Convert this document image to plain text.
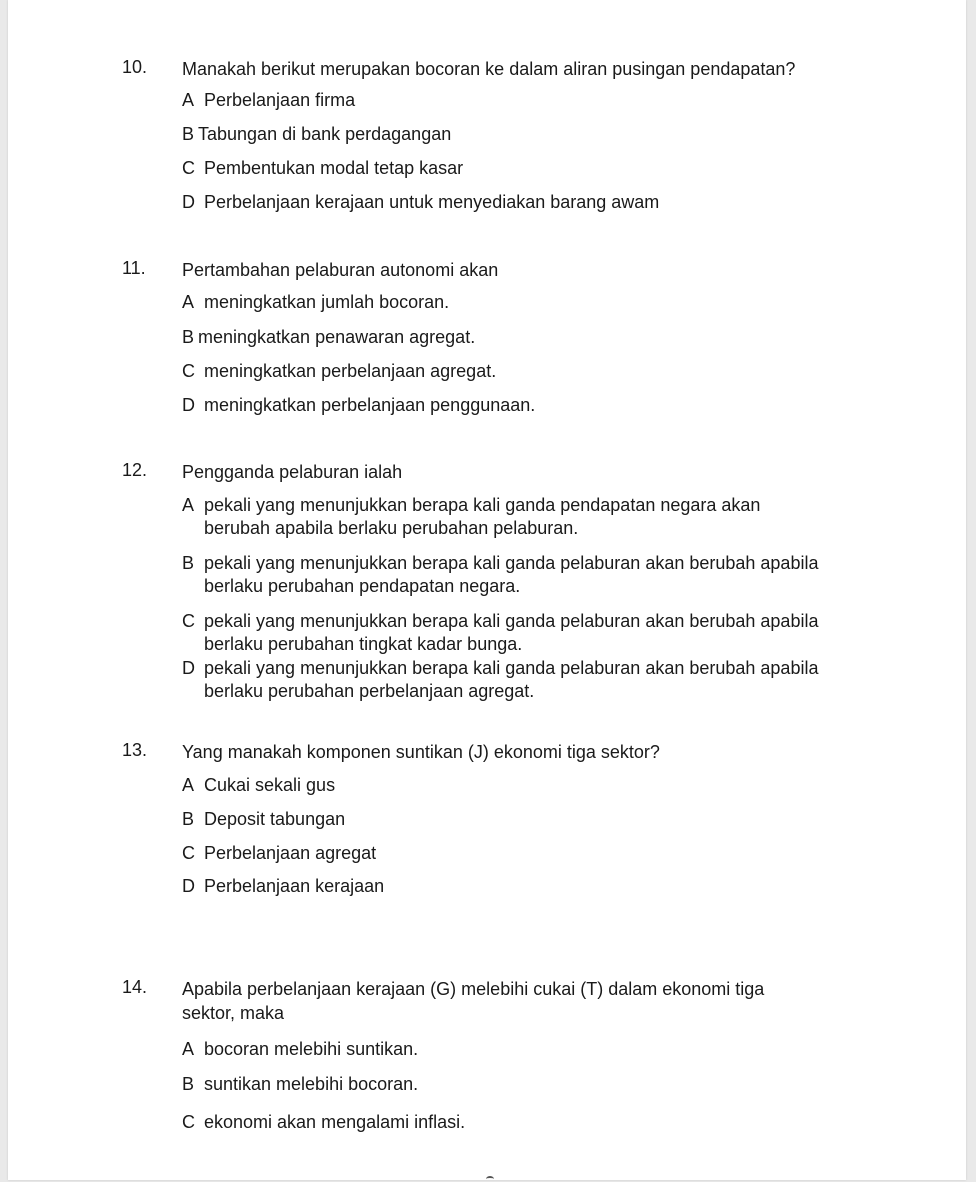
10. Manakah berikut merupakan bocoran ke dalam aliran pusingan pendapatan?
A Perbelanjaan firma
B Tabungan di bank perdagangan
C Pembentukan modal tetap kasar
D Perbelanjaan kerajaan untuk menyediakan barang awam
11. Pertambahan pelaburan autonomi akan
A meningkatkan jumlah bocoran.
B meningkatkan penawaran agregat.
C meningkatkan perbelanjaan agregat.
D meningkatkan perbelanjaan penggunaan.
12. Pengganda pelaburan ialah
A pekali yang menunjukkan berapa kali ganda pendapatan negara akan berubah apabila berlaku perubahan pelaburan.
B pekali yang menunjukkan berapa kali ganda pelaburan akan berubah apabila berlaku perubahan pendapatan negara.
C pekali yang menunjukkan berapa kali ganda pelaburan akan berubah apabila berlaku perubahan tingkat kadar bunga.
D pekali yang menunjukkan berapa kali ganda pelaburan akan berubah apabila berlaku perubahan perbelanjaan agregat.
13. Yang manakah komponen suntikan (J) ekonomi tiga sektor?
A Cukai sekali gus
B Deposit tabungan
C Perbelanjaan agregat
D Perbelanjaan kerajaan
14. Apabila perbelanjaan kerajaan (G) melebihi cukai (T) dalam ekonomi tiga sektor, maka
A bocoran melebihi suntikan.
B suntikan melebihi bocoran.
C ekonomi akan mengalami inflasi.
